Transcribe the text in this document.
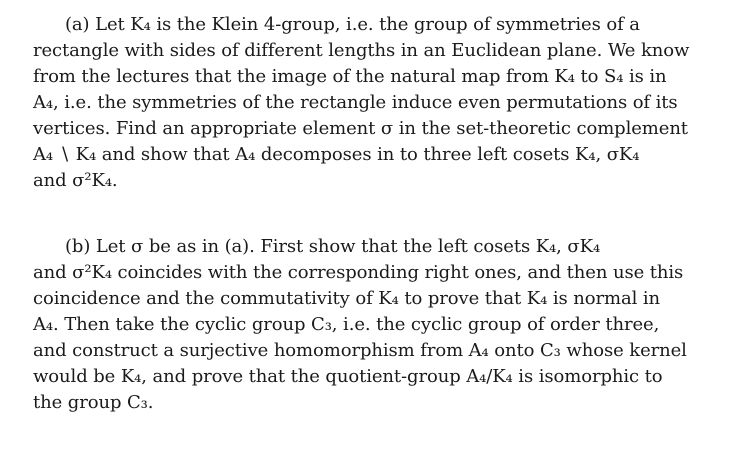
(a) Let K₄ is the Klein 4-group, i.e. the group of symmetries of a
rectangle with sides of different lengths in an Euclidean plane. We know
from the lectures that the image of the natural map from K₄ to S₄ is in
A₄, i.e. the symmetries of the rectangle induce even permutations of its
vertices. Find an appropriate element σ in the set-theoretic complement
A₄ ∖ K₄ and show that A₄ decomposes in to three left cosets K₄, σK₄
and σ²K₄.
(b) Let σ be as in (a). First show that the left cosets K₄, σK₄
and σ²K₄ coincides with the corresponding right ones, and then use this
coincidence and the commutativity of K₄ to prove that K₄ is normal in
A₄. Then take the cyclic group C₃, i.e. the cyclic group of order three,
and construct a surjective homomorphism from A₄ onto C₃ whose kernel
would be K₄, and prove that the quotient-group A₄/K₄ is isomorphic to
the group C₃.
